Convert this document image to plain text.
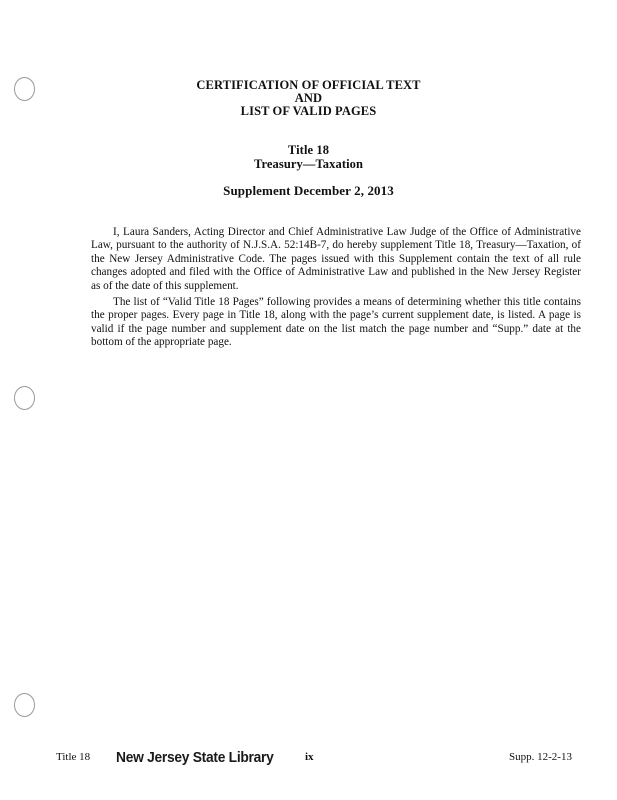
CERTIFICATION OF OFFICIAL TEXT
AND
LIST OF VALID PAGES
Title 18
Treasury—Taxation
Supplement December 2, 2013

I, Laura Sanders, Acting Director and Chief Administrative Law Judge of the Office of Administrative Law, pursuant to the authority of N.J.S.A. 52:14B-7, do hereby supplement Title 18, Treasury—Taxation, of the New Jersey Administrative Code. The pages issued with this Supplement contain the text of all rule changes adopted and filed with the Office of Administrative Law and published in the New Jersey Register as of the date of this supplement.

The list of “Valid Title 18 Pages” following provides a means of determining whether this title contains the proper pages. Every page in Title 18, along with the page’s current supplement date, is listed. A page is valid if the page number and supplement date on the list match the page number and “Supp.” date at the bottom of the appropriate page.

Title 18 New Jersey State Library	ix	Supp. 12-2-13
